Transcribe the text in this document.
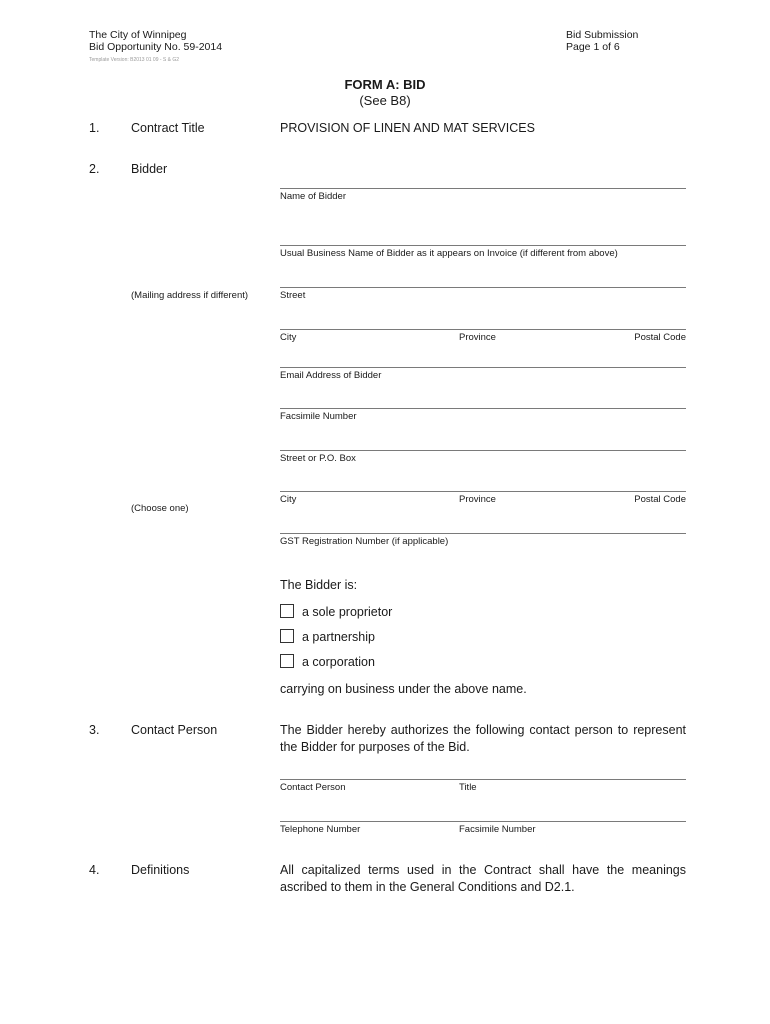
The City of Winnipeg
Bid Opportunity No. 59-2014
Template Version: B2013 01 09 - S & G2
Bid Submission
Page 1 of 6
FORM A: BID
(See B8)
1.	Contract Title	PROVISION OF LINEN AND MAT SERVICES
2.	Bidder
Name of Bidder
Usual Business Name of Bidder as it appears on Invoice (if different from above)
(Mailing address if different)	Street
City	Province	Postal Code
Email Address of Bidder
Facsimile Number
Street or P.O. Box
City	Province	Postal Code
(Choose one)
GST Registration Number (if applicable)
The Bidder is:
a sole proprietor
a partnership
a corporation
carrying on business under the above name.
3.	Contact Person	The Bidder hereby authorizes the following contact person to represent the Bidder for purposes of the Bid.
Contact Person	Title
Telephone Number	Facsimile Number
4.	Definitions	All capitalized terms used in the Contract shall have the meanings ascribed to them in the General Conditions and D2.1.
